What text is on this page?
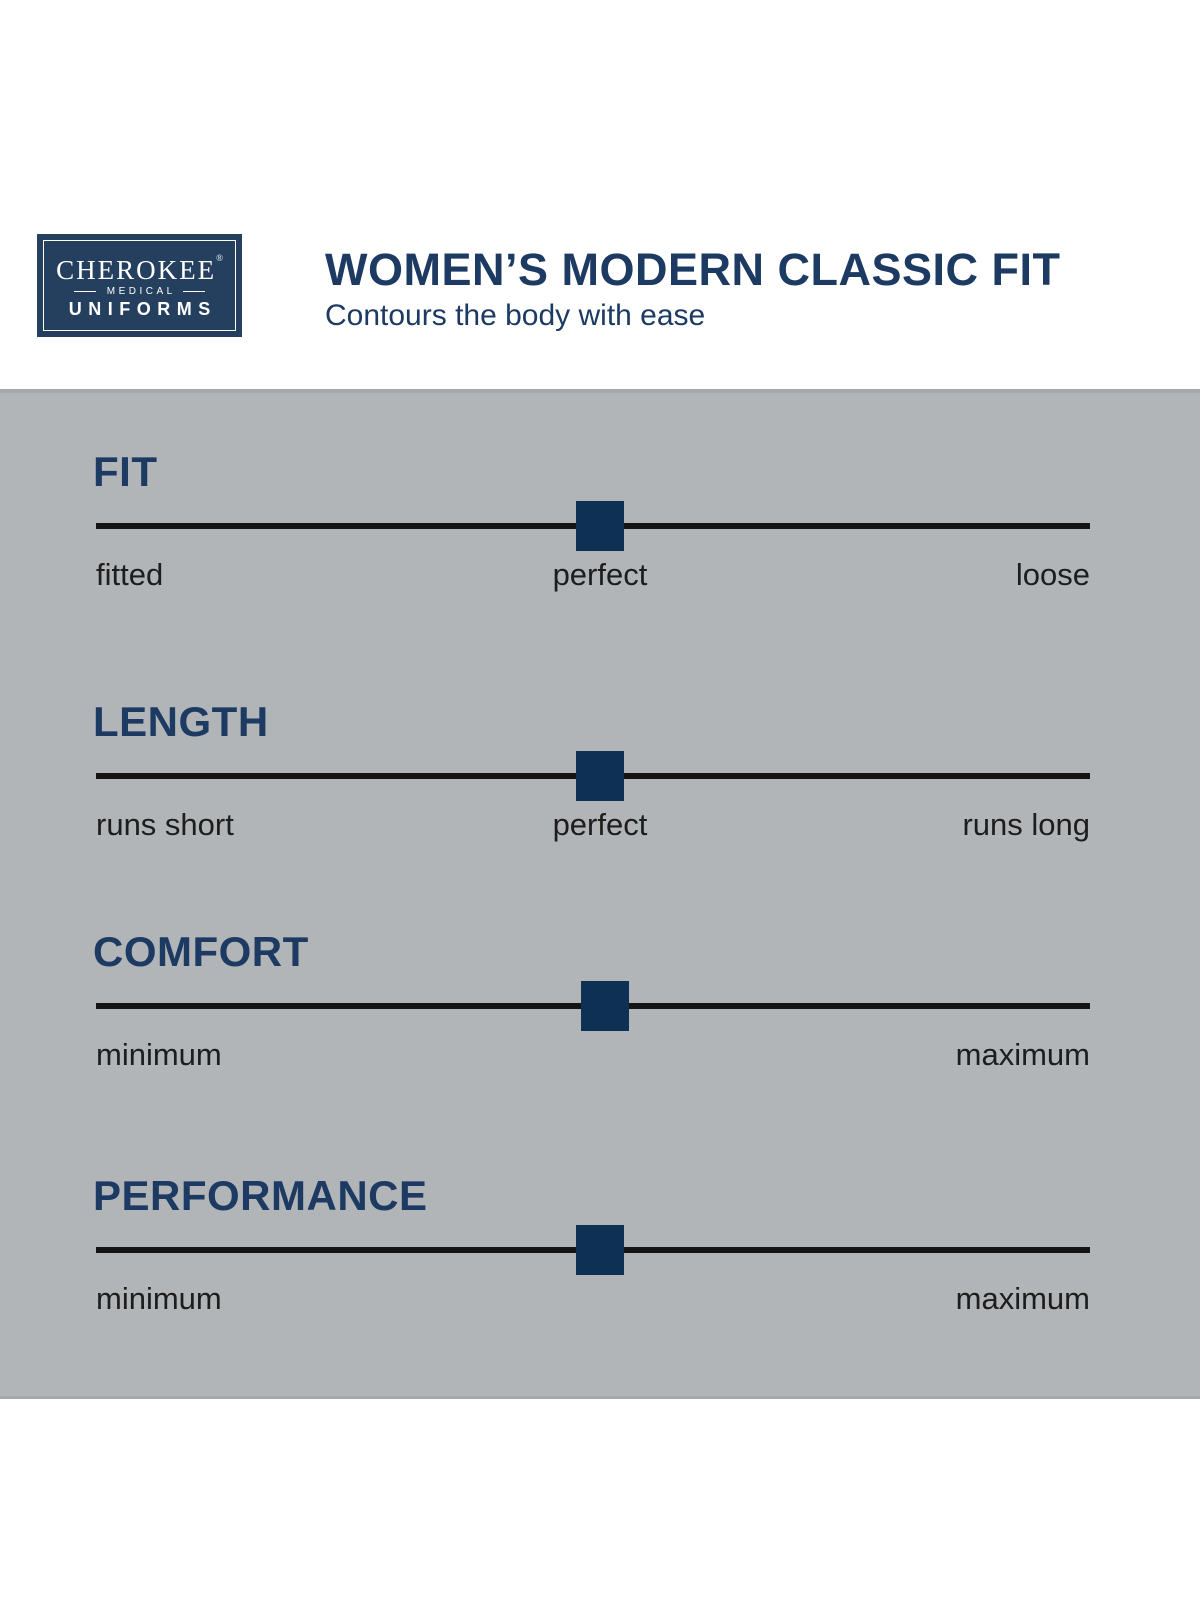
CHEROKEE®
MEDICAL
UNIFORMS
WOMEN’S MODERN CLASSIC FIT

Contours the body with ease

FIT
fitted	perfect	loose
LENGTH
runs short	perfect	runs long
COMFORT
minimum	maximum
PERFORMANCE
minimum	maximum
